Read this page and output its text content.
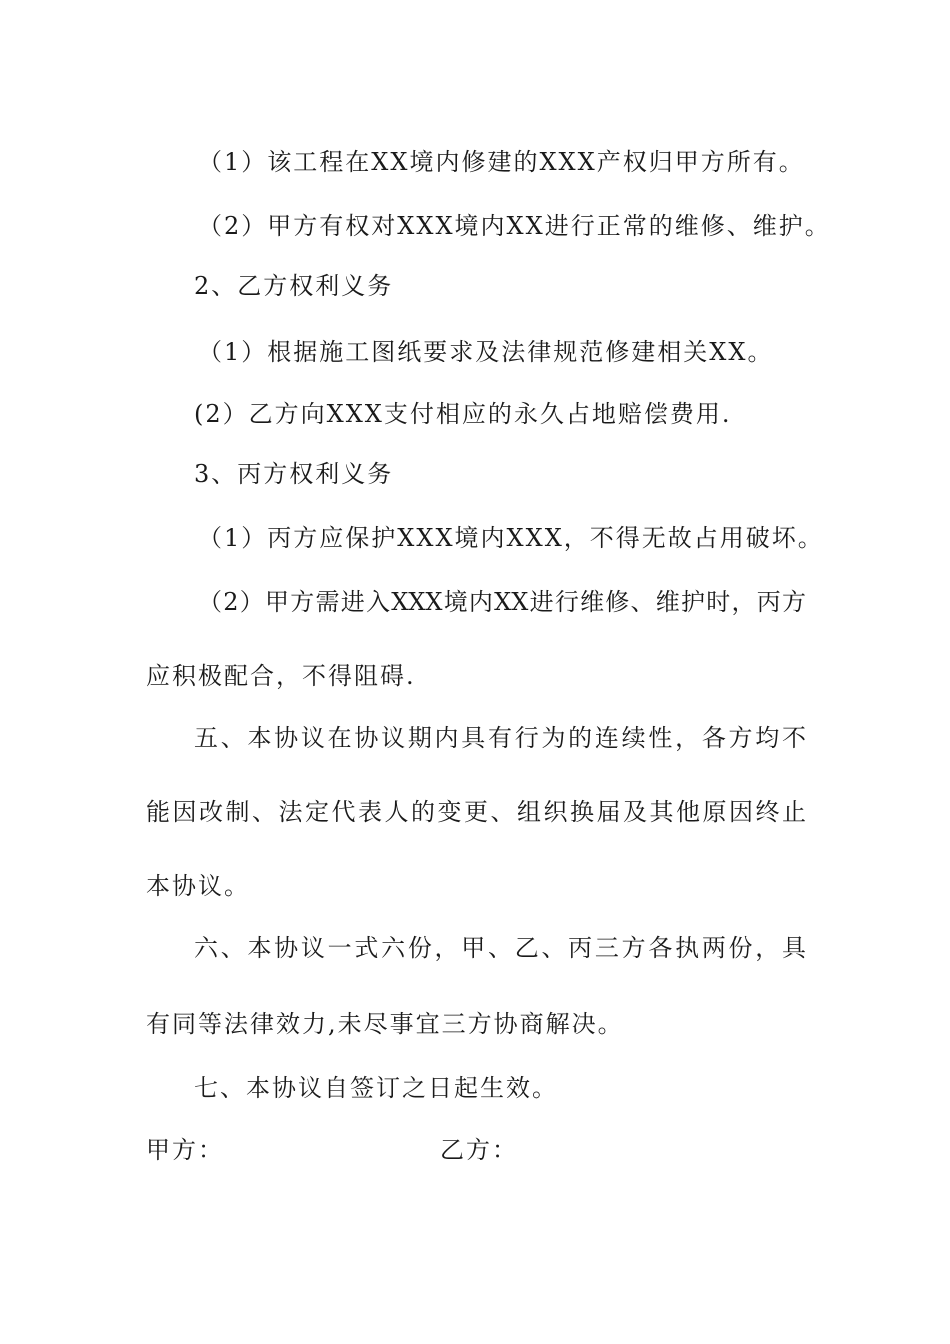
（1）该工程在XX境内修建的XXX产权归甲方所有。
（2）甲方有权对XXX境内XX进行正常的维修、维护。
2、乙方权利义务
（1）根据施工图纸要求及法律规范修建相关XX。
(2）乙方向XXX支付相应的永久占地赔偿费用.
3、丙方权利义务
（1）丙方应保护XXX境内XXX，不得无故占用破坏。
（2）甲方需进入XXX境内XX进行维修、维护时，丙方
应积极配合，不得阻碍.
五、本协议在协议期内具有行为的连续性，各方均不
能因改制、法定代表人的变更、组织换届及其他原因终止
本协议。
六、本协议一式六份，甲、乙、丙三方各执两份，具
有同等法律效力,未尽事宜三方协商解决。
七、本协议自签订之日起生效。
甲方：	乙方：
